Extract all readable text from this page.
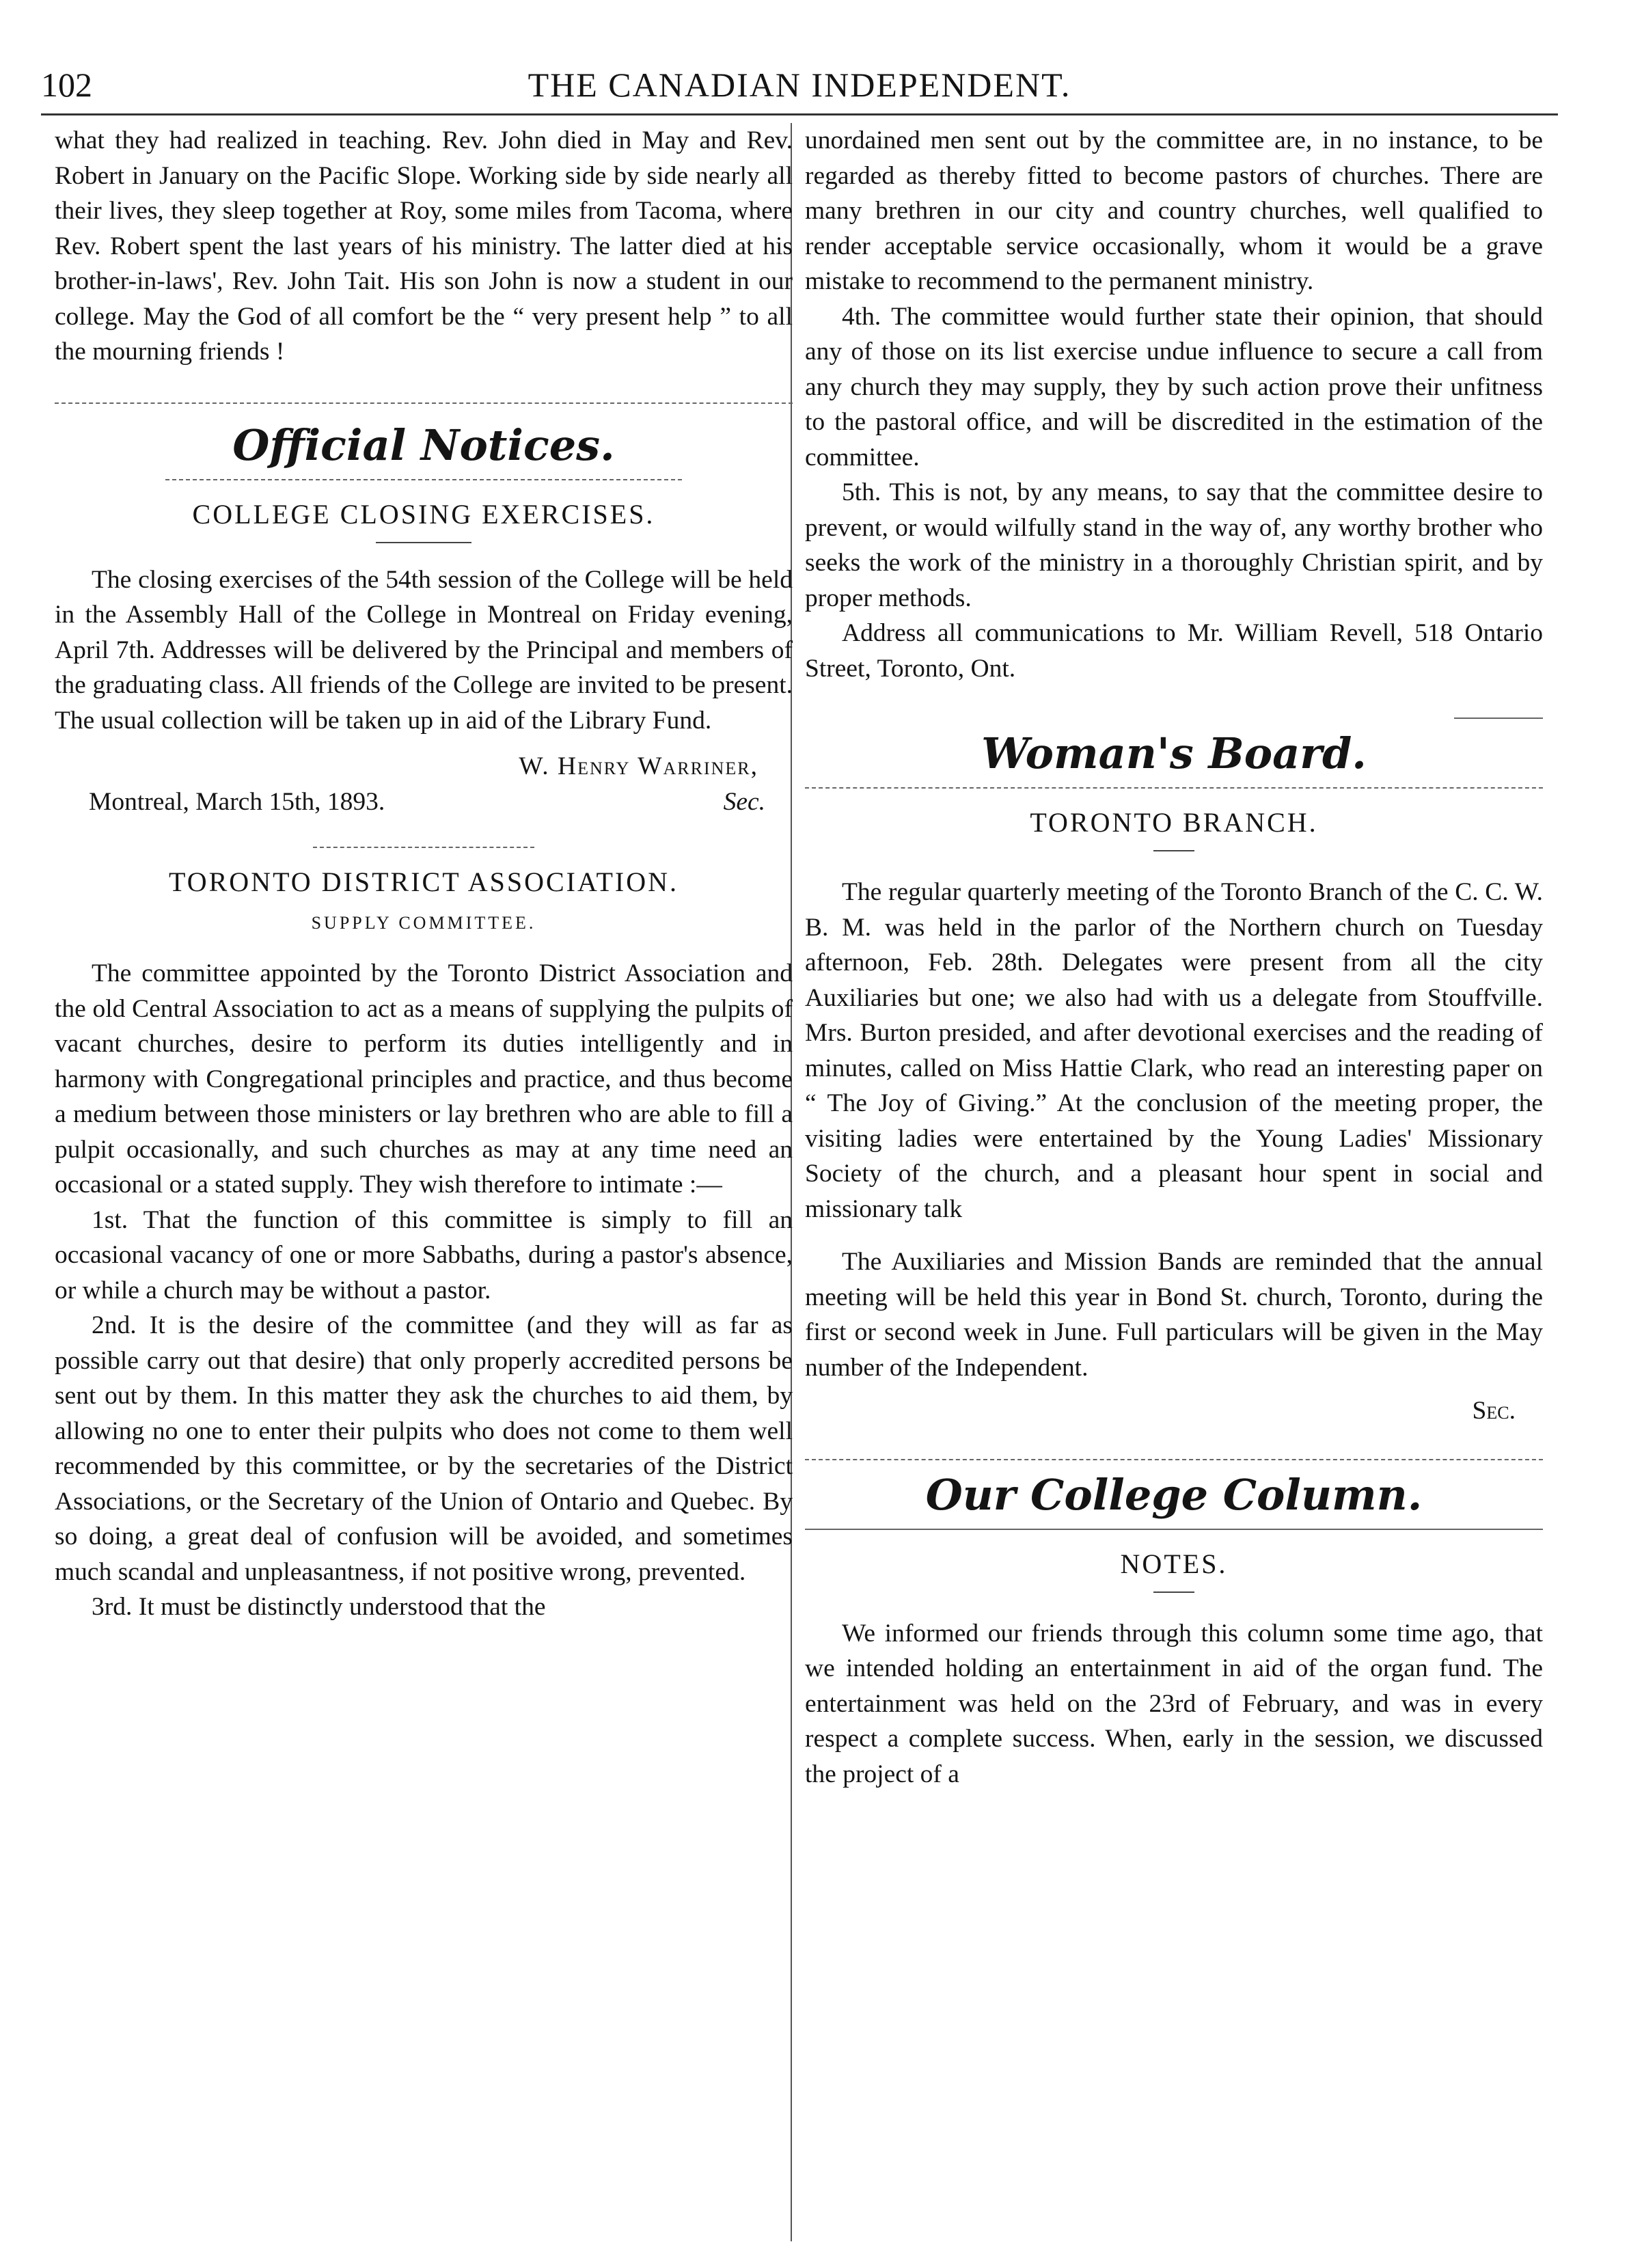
102	THE CANADIAN INDEPENDENT.

what they had realized in teaching. Rev. John died in May and Rev. Robert in January on the Pacific Slope. Working side by side nearly all their lives, they sleep together at Roy, some miles from Tacoma, where Rev. Robert spent the last years of his ministry. The latter died at his brother-in-laws', Rev. John Tait. His son John is now a student in our college. May the God of all comfort be the “ very present help ” to all the mourning friends !

Official Notices.
COLLEGE CLOSING EXERCISES.

The closing exercises of the 54th session of the College will be held in the Assembly Hall of the College in Montreal on Friday evening, April 7th. Addresses will be delivered by the Principal and members of the graduating class. All friends of the College are invited to be present. The usual collection will be taken up in aid of the Library Fund.

W. Henry Warriner,
Montreal, March 15th, 1893.	Sec.
TORONTO DISTRICT ASSOCIATION.
SUPPLY COMMITTEE.

The committee appointed by the Toronto District Association and the old Central Association to act as a means of supplying the pulpits of vacant churches, desire to perform its duties intelligently and in harmony with Congregational principles and practice, and thus become a medium between those ministers or lay brethren who are able to fill a pulpit occasionally, and such churches as may at any time need an occasional or a stated supply. They wish therefore to intimate :—

1st. That the function of this committee is simply to fill an occasional vacancy of one or more Sabbaths, during a pastor's absence, or while a church may be without a pastor.

2nd. It is the desire of the committee (and they will as far as possible carry out that desire) that only properly accredited persons be sent out by them. In this matter they ask the churches to aid them, by allowing no one to enter their pulpits who does not come to them well recommended by this committee, or by the secretaries of the District Associations, or the Secretary of the Union of Ontario and Quebec. By so doing, a great deal of confusion will be avoided, and sometimes much scandal and unpleasantness, if not positive wrong, prevented.

3rd. It must be distinctly understood that the

unordained men sent out by the committee are, in no instance, to be regarded as thereby fitted to become pastors of churches. There are many brethren in our city and country churches, well qualified to render acceptable service occasionally, whom it would be a grave mistake to recommend to the permanent ministry.

4th. The committee would further state their opinion, that should any of those on its list exercise undue influence to secure a call from any church they may supply, they by such action prove their unfitness to the pastoral office, and will be discredited in the estimation of the committee.

5th. This is not, by any means, to say that the committee desire to prevent, or would wilfully stand in the way of, any worthy brother who seeks the work of the ministry in a thoroughly Christian spirit, and by proper methods.

Address all communications to Mr. William Revell, 518 Ontario Street, Toronto, Ont.

Woman's Board.
TORONTO BRANCH.

The regular quarterly meeting of the Toronto Branch of the C. C. W. B. M. was held in the parlor of the Northern church on Tuesday afternoon, Feb. 28th. Delegates were present from all the city Auxiliaries but one; we also had with us a delegate from Stouffville. Mrs. Burton presided, and after devotional exercises and the reading of minutes, called on Miss Hattie Clark, who read an interesting paper on “ The Joy of Giving.” At the conclusion of the meeting proper, the visiting ladies were entertained by the Young Ladies' Missionary Society of the church, and a pleasant hour spent in social and missionary talk

The Auxiliaries and Mission Bands are reminded that the annual meeting will be held this year in Bond St. church, Toronto, during the first or second week in June. Full particulars will be given in the May number of the Independent.

Sec.
Our College Column.
NOTES.

We informed our friends through this column some time ago, that we intended holding an entertainment in aid of the organ fund. The entertainment was held on the 23rd of February, and was in every respect a complete success. When, early in the session, we discussed the project of a
